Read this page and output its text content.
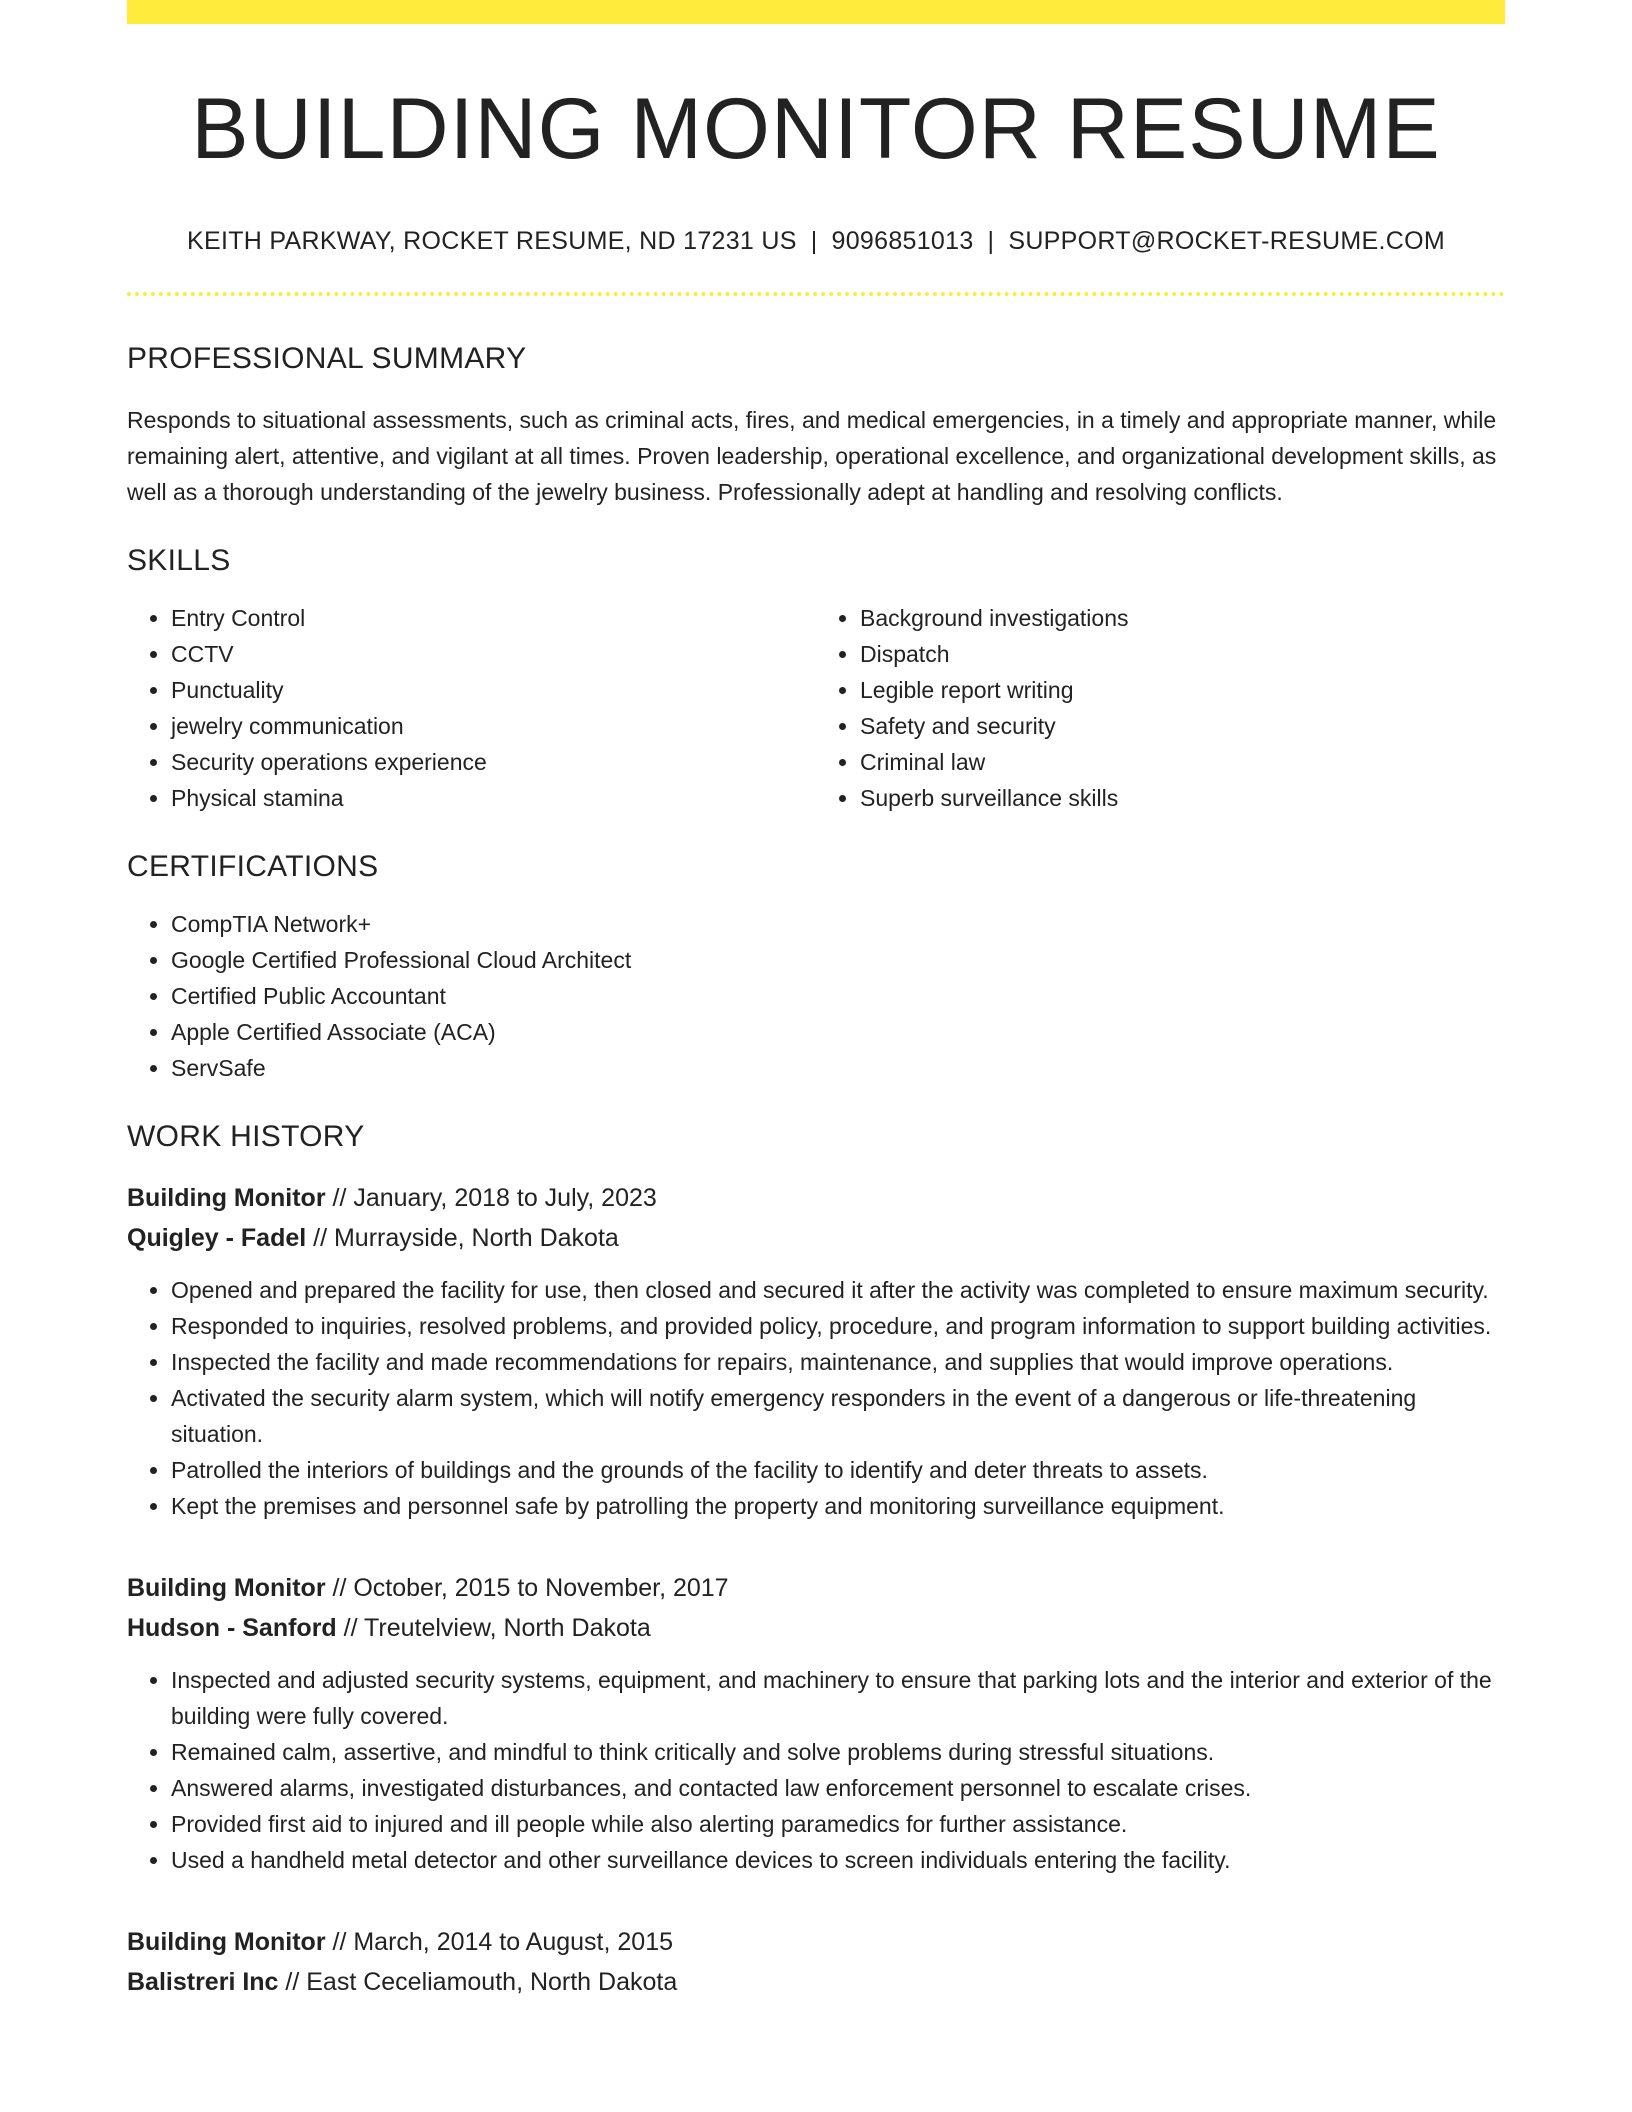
BUILDING MONITOR RESUME
KEITH PARKWAY, ROCKET RESUME, ND 17231 US | 9096851013 | SUPPORT@ROCKET-RESUME.COM
PROFESSIONAL SUMMARY

Responds to situational assessments, such as criminal acts, fires, and medical emergencies, in a timely and appropriate manner, while remaining alert, attentive, and vigilant at all times. Proven leadership, operational excellence, and organizational development skills, as well as a thorough understanding of the jewelry business. Professionally adept at handling and resolving conflicts.

SKILLS
• Entry Control
• CCTV
• Punctuality
• jewelry communication
• Security operations experience
• Physical stamina
• Background investigations
• Dispatch
• Legible report writing
• Safety and security
• Criminal law
• Superb surveillance skills
CERTIFICATIONS
• CompTIA Network+
• Google Certified Professional Cloud Architect
• Certified Public Accountant
• Apple Certified Associate (ACA)
• ServSafe
WORK HISTORY
Building Monitor // January, 2018 to July, 2023
Quigley - Fadel // Murrayside, North Dakota
• Opened and prepared the facility for use, then closed and secured it after the activity was completed to ensure maximum security.
• Responded to inquiries, resolved problems, and provided policy, procedure, and program information to support building activities.
• Inspected the facility and made recommendations for repairs, maintenance, and supplies that would improve operations.
• Activated the security alarm system, which will notify emergency responders in the event of a dangerous or life-threatening situation.
• Patrolled the interiors of buildings and the grounds of the facility to identify and deter threats to assets.
• Kept the premises and personnel safe by patrolling the property and monitoring surveillance equipment.
Building Monitor // October, 2015 to November, 2017
Hudson - Sanford // Treutelview, North Dakota
• Inspected and adjusted security systems, equipment, and machinery to ensure that parking lots and the interior and exterior of the building were fully covered.
• Remained calm, assertive, and mindful to think critically and solve problems during stressful situations.
• Answered alarms, investigated disturbances, and contacted law enforcement personnel to escalate crises.
• Provided first aid to injured and ill people while also alerting paramedics for further assistance.
• Used a handheld metal detector and other surveillance devices to screen individuals entering the facility.
Building Monitor // March, 2014 to August, 2015
Balistreri Inc // East Ceceliamouth, North Dakota
